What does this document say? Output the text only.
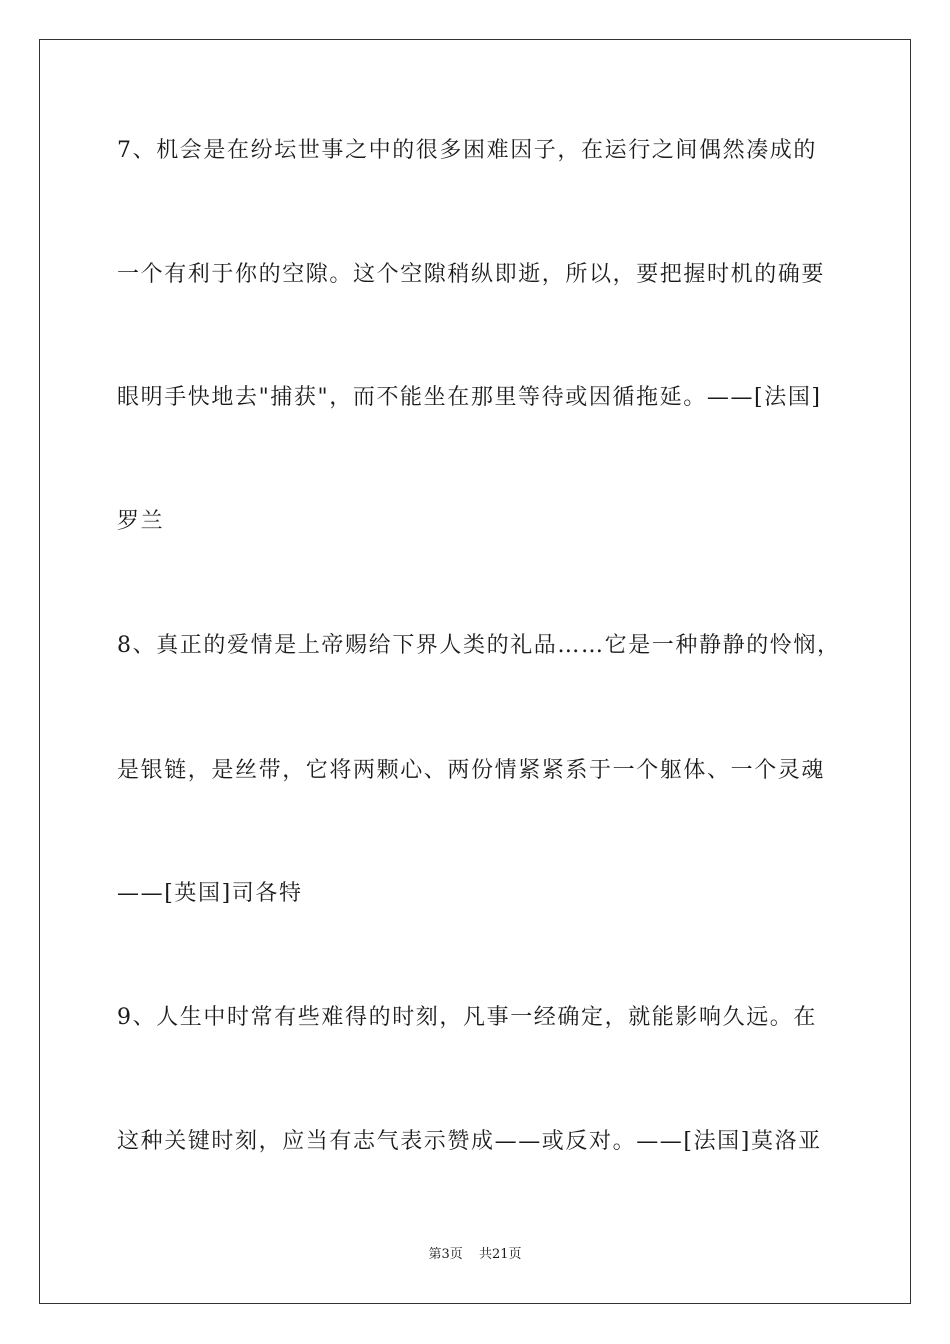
7、机会是在纷坛世事之中的很多困难因子，在运行之间偶然凑成的
一个有利于你的空隙。这个空隙稍纵即逝，所以，要把握时机的确要
眼明手快地去"捕获"，而不能坐在那里等待或因循拖延。——[法国]
罗兰
8、真正的爱情是上帝赐给下界人类的礼品……它是一种静静的怜悯，
是银链，是丝带，它将两颗心、两份情紧紧系于一个躯体、一个灵魂
——[英国]司各特
9、人生中时常有些难得的时刻，凡事一经确定，就能影响久远。在
这种关键时刻，应当有志气表示赞成——或反对。——[法国]莫洛亚
第3页 共21页
